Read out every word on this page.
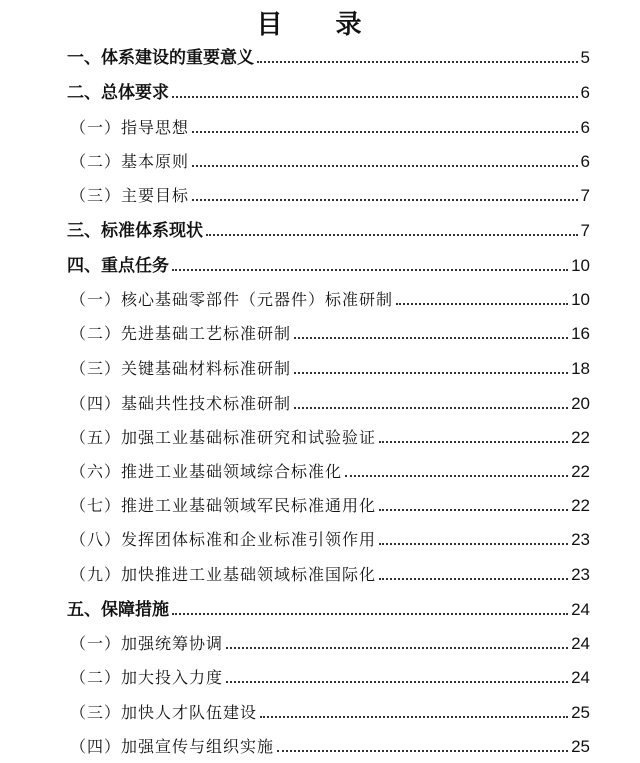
目 录
一、体系建设的重要意义	5
二、总体要求	6
（一）指导思想	6
（二）基本原则	6
（三）主要目标	7
三、标准体系现状	7
四、重点任务	10
（一）核心基础零部件（元器件）标准研制	10
（二）先进基础工艺标准研制	16
（三）关键基础材料标准研制	18
（四）基础共性技术标准研制	20
（五）加强工业基础标准研究和试验验证	22
（六）推进工业基础领域综合标准化	22
（七）推进工业基础领域军民标准通用化	22
（八）发挥团体标准和企业标准引领作用	23
（九）加快推进工业基础领域标准国际化	23
五、保障措施	24
（一）加强统筹协调	24
（二）加大投入力度	24
（三）加快人才队伍建设	25
（四）加强宣传与组织实施	25
